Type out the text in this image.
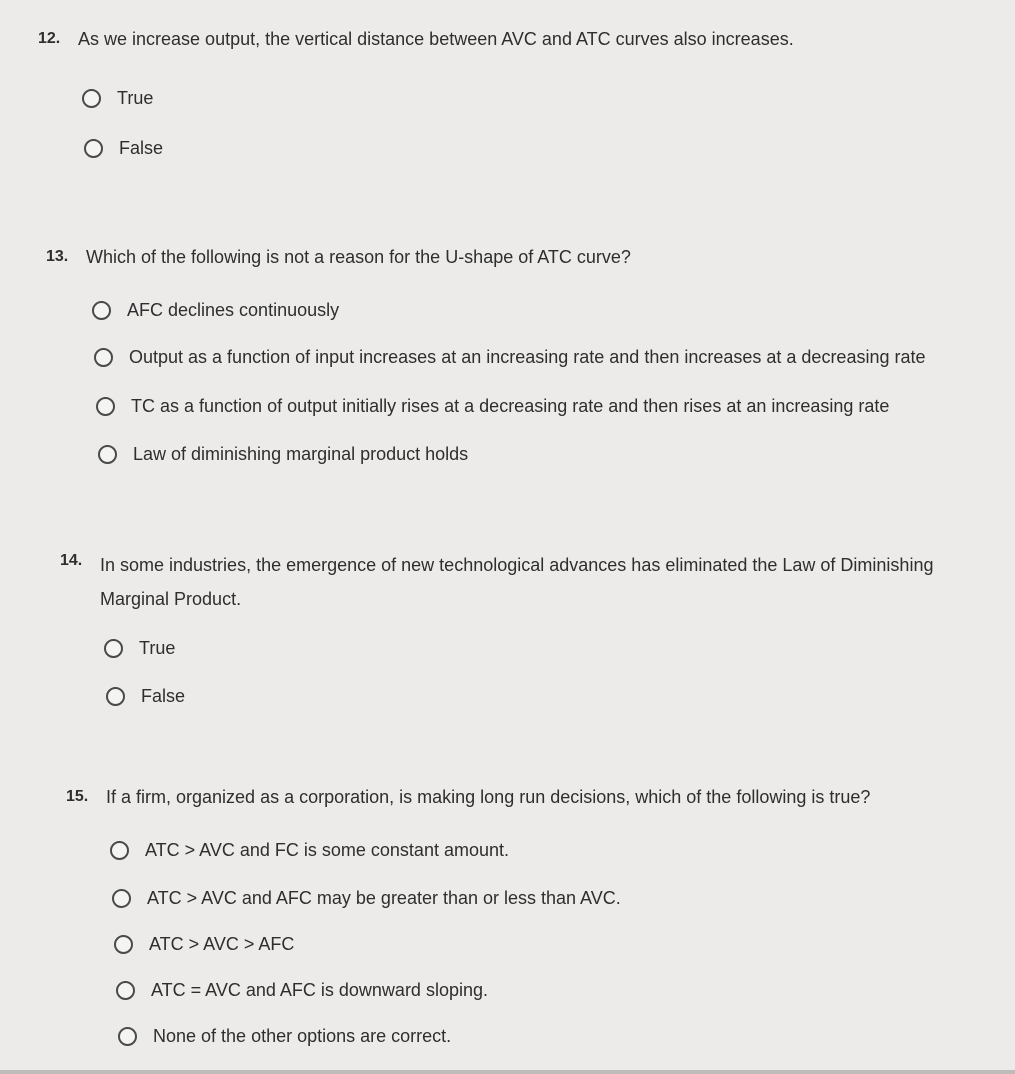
12. As we increase output, the vertical distance between AVC and ATC curves also increases.
True
False
13. Which of the following is not a reason for the U-shape of ATC curve?
AFC declines continuously
Output as a function of input increases at an increasing rate and then increases at a decreasing rate
TC as a function of output initially rises at a decreasing rate and then rises at an increasing rate
Law of diminishing marginal product holds
14. In some industries, the emergence of new technological advances has eliminated the Law of Diminishing Marginal Product.
True
False
15. If a firm, organized as a corporation, is making long run decisions, which of the following is true?
ATC > AVC and FC is some constant amount.
ATC > AVC and AFC may be greater than or less than AVC.
ATC > AVC > AFC
ATC = AVC and AFC is downward sloping.
None of the other options are correct.
